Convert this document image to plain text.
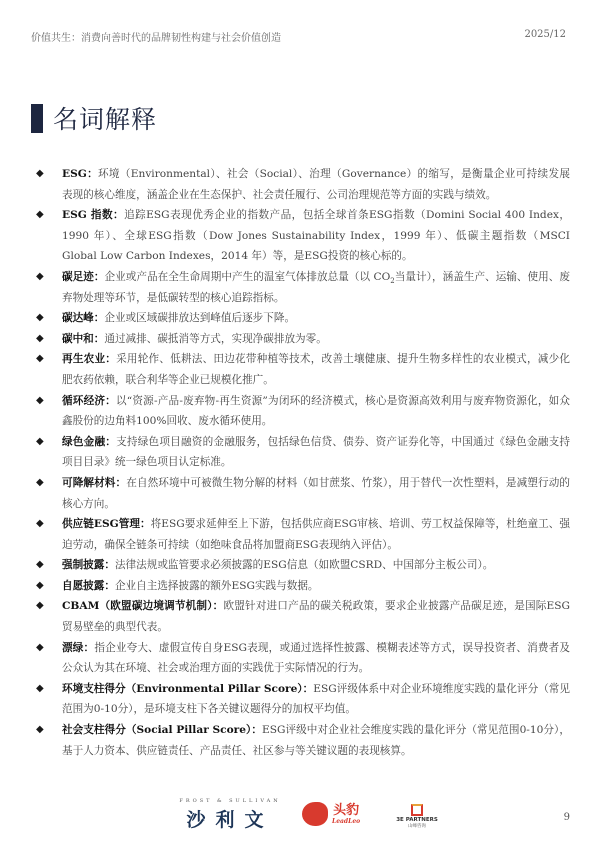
价值共生：消费向善时代的品牌韧性构建与社会价值创造	2025/12
名词解释
◆ ESG：环境（Environmental）、社会（Social）、治理（Governance）的缩写，是衡量企业可持续发展表现的核心维度，涵盖企业在生态保护、社会责任履行、公司治理规范等方面的实践与绩效。
◆ ESG 指数：追踪ESG表现优秀企业的指数产品，包括全球首条ESG指数（Domini Social 400 Index，1990 年）、全球ESG指数（Dow Jones Sustainability Index，1999 年）、低碳主题指数（MSCI Global Low Carbon Indexes，2014 年）等，是ESG投资的核心标的。
◆ 碳足迹：企业或产品在全生命周期中产生的温室气体排放总量（以 $CO_2$当量计），涵盖生产、运输、使用、废弃物处理等环节，是低碳转型的核心追踪指标。
◆ 碳达峰：企业或区域碳排放达到峰值后逐步下降。
◆ 碳中和：通过减排、碳抵消等方式，实现净碳排放为零。
◆ 再生农业：采用轮作、低耕法、田边花带种植等技术，改善土壤健康、提升生物多样性的农业模式，减少化肥农药依赖，联合利华等企业已规模化推广。
◆ 循环经济：以“资源-产品-废弃物-再生资源”为闭环的经济模式，核心是资源高效利用与废弃物资源化，如众鑫股份的边角料100%回收、废水循环使用。
◆ 绿色金融：支持绿色项目融资的金融服务，包括绿色信贷、债券、资产证券化等，中国通过《绿色金融支持项目目录》统一绿色项目认定标准。
◆ 可降解材料：在自然环境中可被微生物分解的材料（如甘蔗浆、竹浆），用于替代一次性塑料，是减塑行动的核心方向。
◆ 供应链ESG管理：将ESG要求延伸至上下游，包括供应商ESG审核、培训、劳工权益保障等，杜绝童工、强迫劳动，确保全链条可持续（如绝味食品将加盟商ESG表现纳入评估）。
◆ 强制披露：法律法规或监管要求必须披露的ESG信息（如欧盟CSRD、中国部分主板公司）。
◆ 自愿披露：企业自主选择披露的额外ESG实践与数据。
◆ CBAM（欧盟碳边境调节机制）：欧盟针对进口产品的碳关税政策，要求企业披露产品碳足迹，是国际ESG贸易壁垒的典型代表。
◆ 漂绿：指企业夸大、虚假宣传自身ESG表现，或通过选择性披露、模糊表述等方式，误导投资者、消费者及公众认为其在环境、社会或治理方面的实践优于实际情况的行为。
◆ 环境支柱得分（Environmental Pillar Score）：ESG评级体系中对企业环境维度实践的量化评分（常见范围为0-10分），是环境支柱下各关键议题得分的加权平均值。
◆ 社会支柱得分（Social Pillar Score）：ESG评级中对企业社会维度实践的量化评分（常见范围0-10分），基于人力资本、供应链责任、产品责任、社区参与等关键议题的表现核算。
FROST & SULLIVAN
沙利文	头豹
LeadLeo	3E PARTNERS
山峰咨询
9
